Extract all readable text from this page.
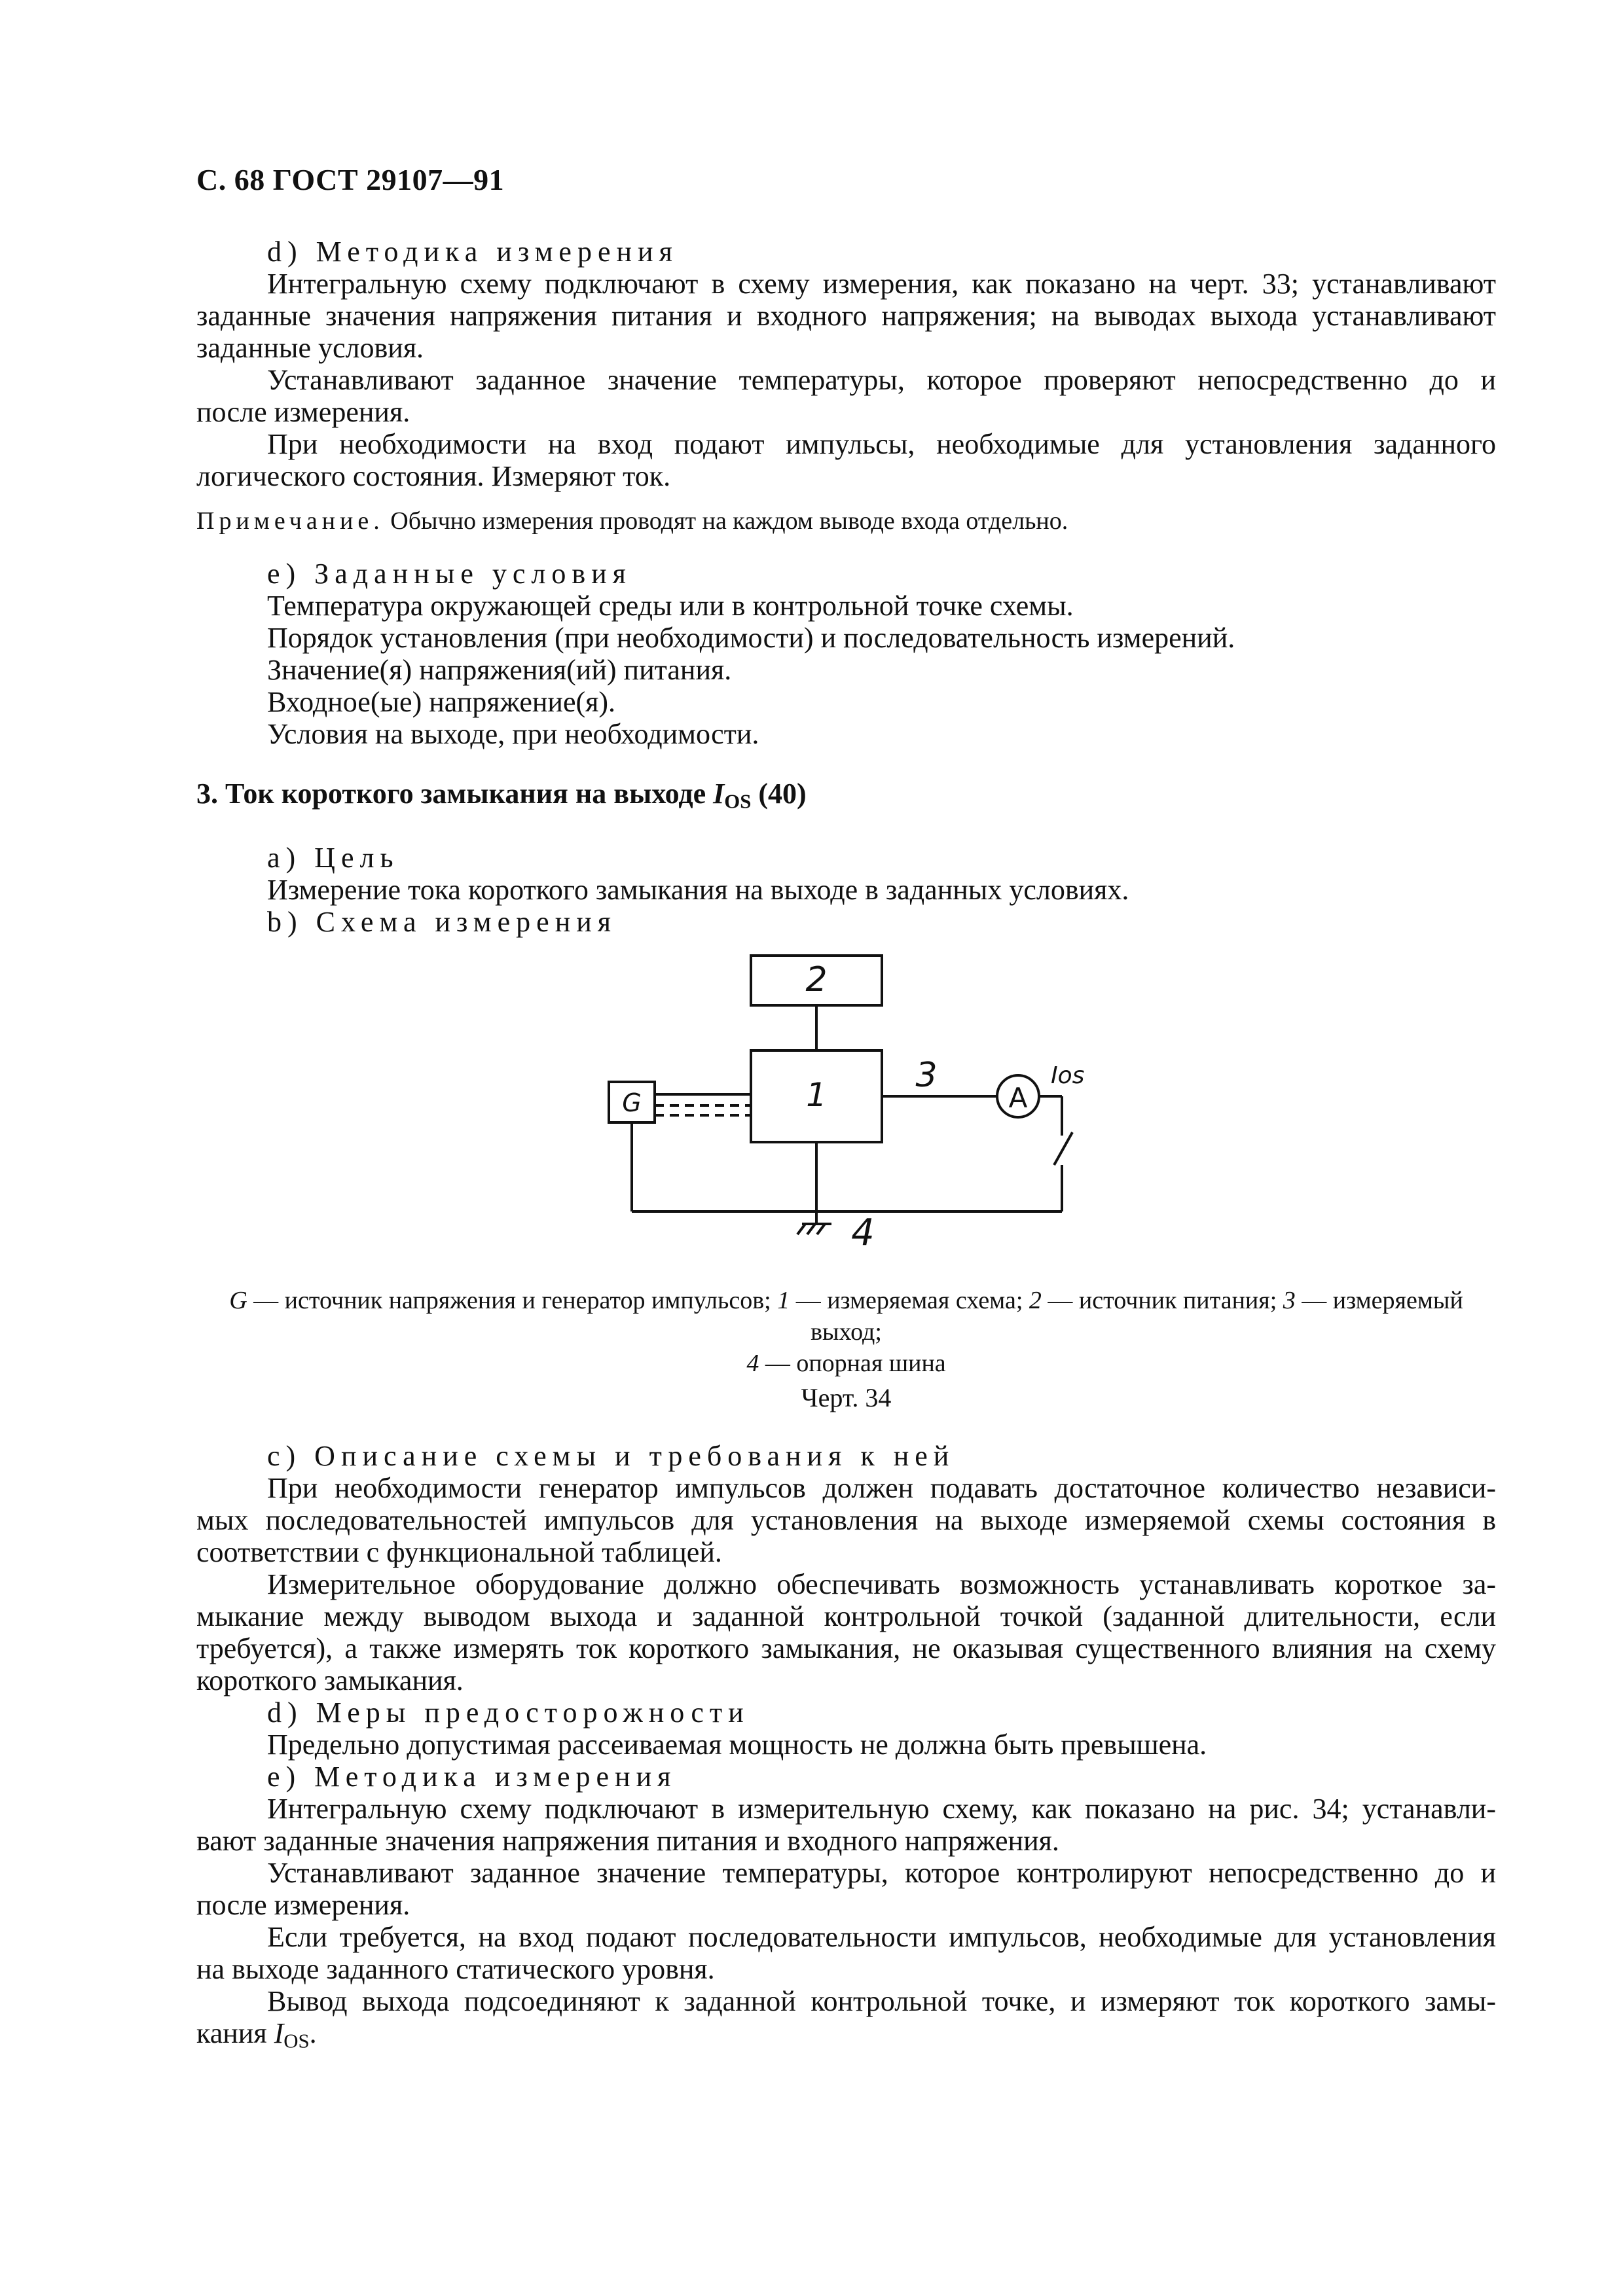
С. 68 ГОСТ 29107—91
d) Методика измерения
Интегральную схему подключают в схему измерения, как показано на черт. 33; устанавливают
заданные значения напряжения питания и входного напряжения; на выводах выхода устанавливают
заданные условия.
Устанавливают заданное значение температуры, которое проверяют непосредственно до и
после измерения.
При необходимости на вход подают импульсы, необходимые для установления заданного
логического состояния. Измеряют ток.
Примечание. Обычно измерения проводят на каждом выводе входа отдельно.
e) Заданные условия
Температура окружающей среды или в контрольной точке схемы.
Порядок установления (при необходимости) и последовательность измерений.
Значение(я) напряжения(ий) питания.
Входное(ые) напряжение(я).
Условия на выходе, при необходимости.
3. Ток короткого замыкания на выходе $I_{OS}$ (40)
a) Цель
Измерение тока короткого замыкания на выходе в заданных условиях.
b) Схема измерения
2
1	3
A
Ios
G
4
G — источник напряжения и генератор импульсов; 1 — измеряемая схема; 2 — источник питания; 3 — измеряемый выход;
4 — опорная шина
Черт. 34
c) Описание схемы и требования к ней
При необходимости генератор импульсов должен подавать достаточное количество независи-
мых последовательностей импульсов для установления на выходе измеряемой схемы состояния в
соответствии с функциональной таблицей.
Измерительное оборудование должно обеспечивать возможность устанавливать короткое за-
мыкание между выводом выхода и заданной контрольной точкой (заданной длительности, если
требуется), а также измерять ток короткого замыкания, не оказывая существенного влияния на схему
короткого замыкания.
d) Меры предосторожности
Предельно допустимая рассеиваемая мощность не должна быть превышена.
e) Методика измерения
Интегральную схему подключают в измерительную схему, как показано на рис. 34; устанавли-
вают заданные значения напряжения питания и входного напряжения.
Устанавливают заданное значение температуры, которое контролируют непосредственно до и
после измерения.
Если требуется, на вход подают последовательности импульсов, необходимые для установления
на выходе заданного статического уровня.
Вывод выхода подсоединяют к заданной контрольной точке, и измеряют ток короткого замы-
кания $I_{OS}$.
